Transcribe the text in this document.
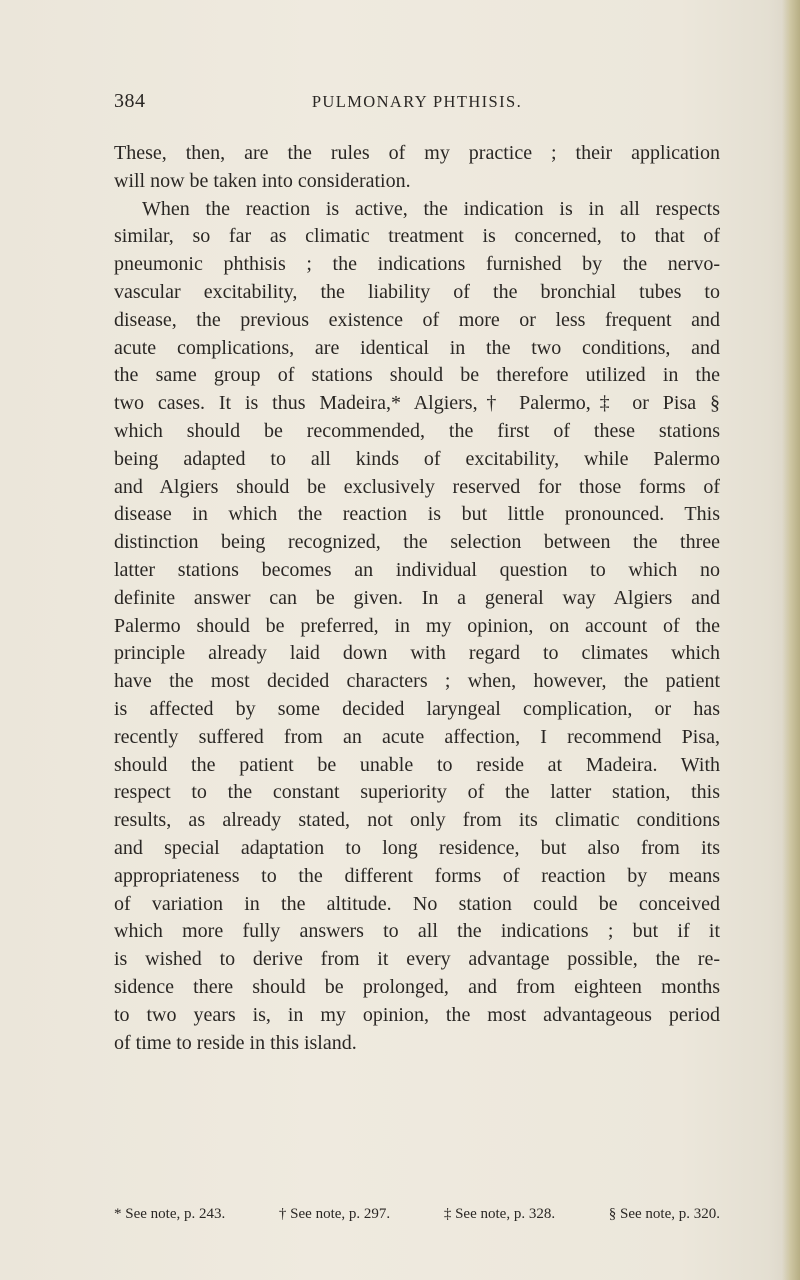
384	PULMONARY PHTHISIS.
These, then, are the rules of my practice ; their application
will now be taken into consideration.
When the reaction is active, the indication is in all respects
similar, so far as climatic treatment is concerned, to that of
pneumonic phthisis ; the indications furnished by the nervo-
vascular excitability, the liability of the bronchial tubes to
disease, the previous existence of more or less frequent and
acute complications, are identical in the two conditions, and
the same group of stations should be therefore utilized in the
two cases. It is thus Madeira,* Algiers,† Palermo,‡ or Pisa §
which should be recommended, the first of these stations
being adapted to all kinds of excitability, while Palermo
and Algiers should be exclusively reserved for those forms of
disease in which the reaction is but little pronounced. This
distinction being recognized, the selection between the three
latter stations becomes an individual question to which no
definite answer can be given. In a general way Algiers and
Palermo should be preferred, in my opinion, on account of the
principle already laid down with regard to climates which
have the most decided characters ; when, however, the patient
is affected by some decided laryngeal complication, or has
recently suffered from an acute affection, I recommend Pisa,
should the patient be unable to reside at Madeira. With
respect to the constant superiority of the latter station, this
results, as already stated, not only from its climatic conditions
and special adaptation to long residence, but also from its
appropriateness to the different forms of reaction by means
of variation in the altitude. No station could be conceived
which more fully answers to all the indications ; but if it
is wished to derive from it every advantage possible, the re-
sidence there should be prolonged, and from eighteen months
to two years is, in my opinion, the most advantageous period
of time to reside in this island.
* See note, p. 243.	† See note, p. 297.	‡ See note, p. 328.	§ See note, p. 320.
